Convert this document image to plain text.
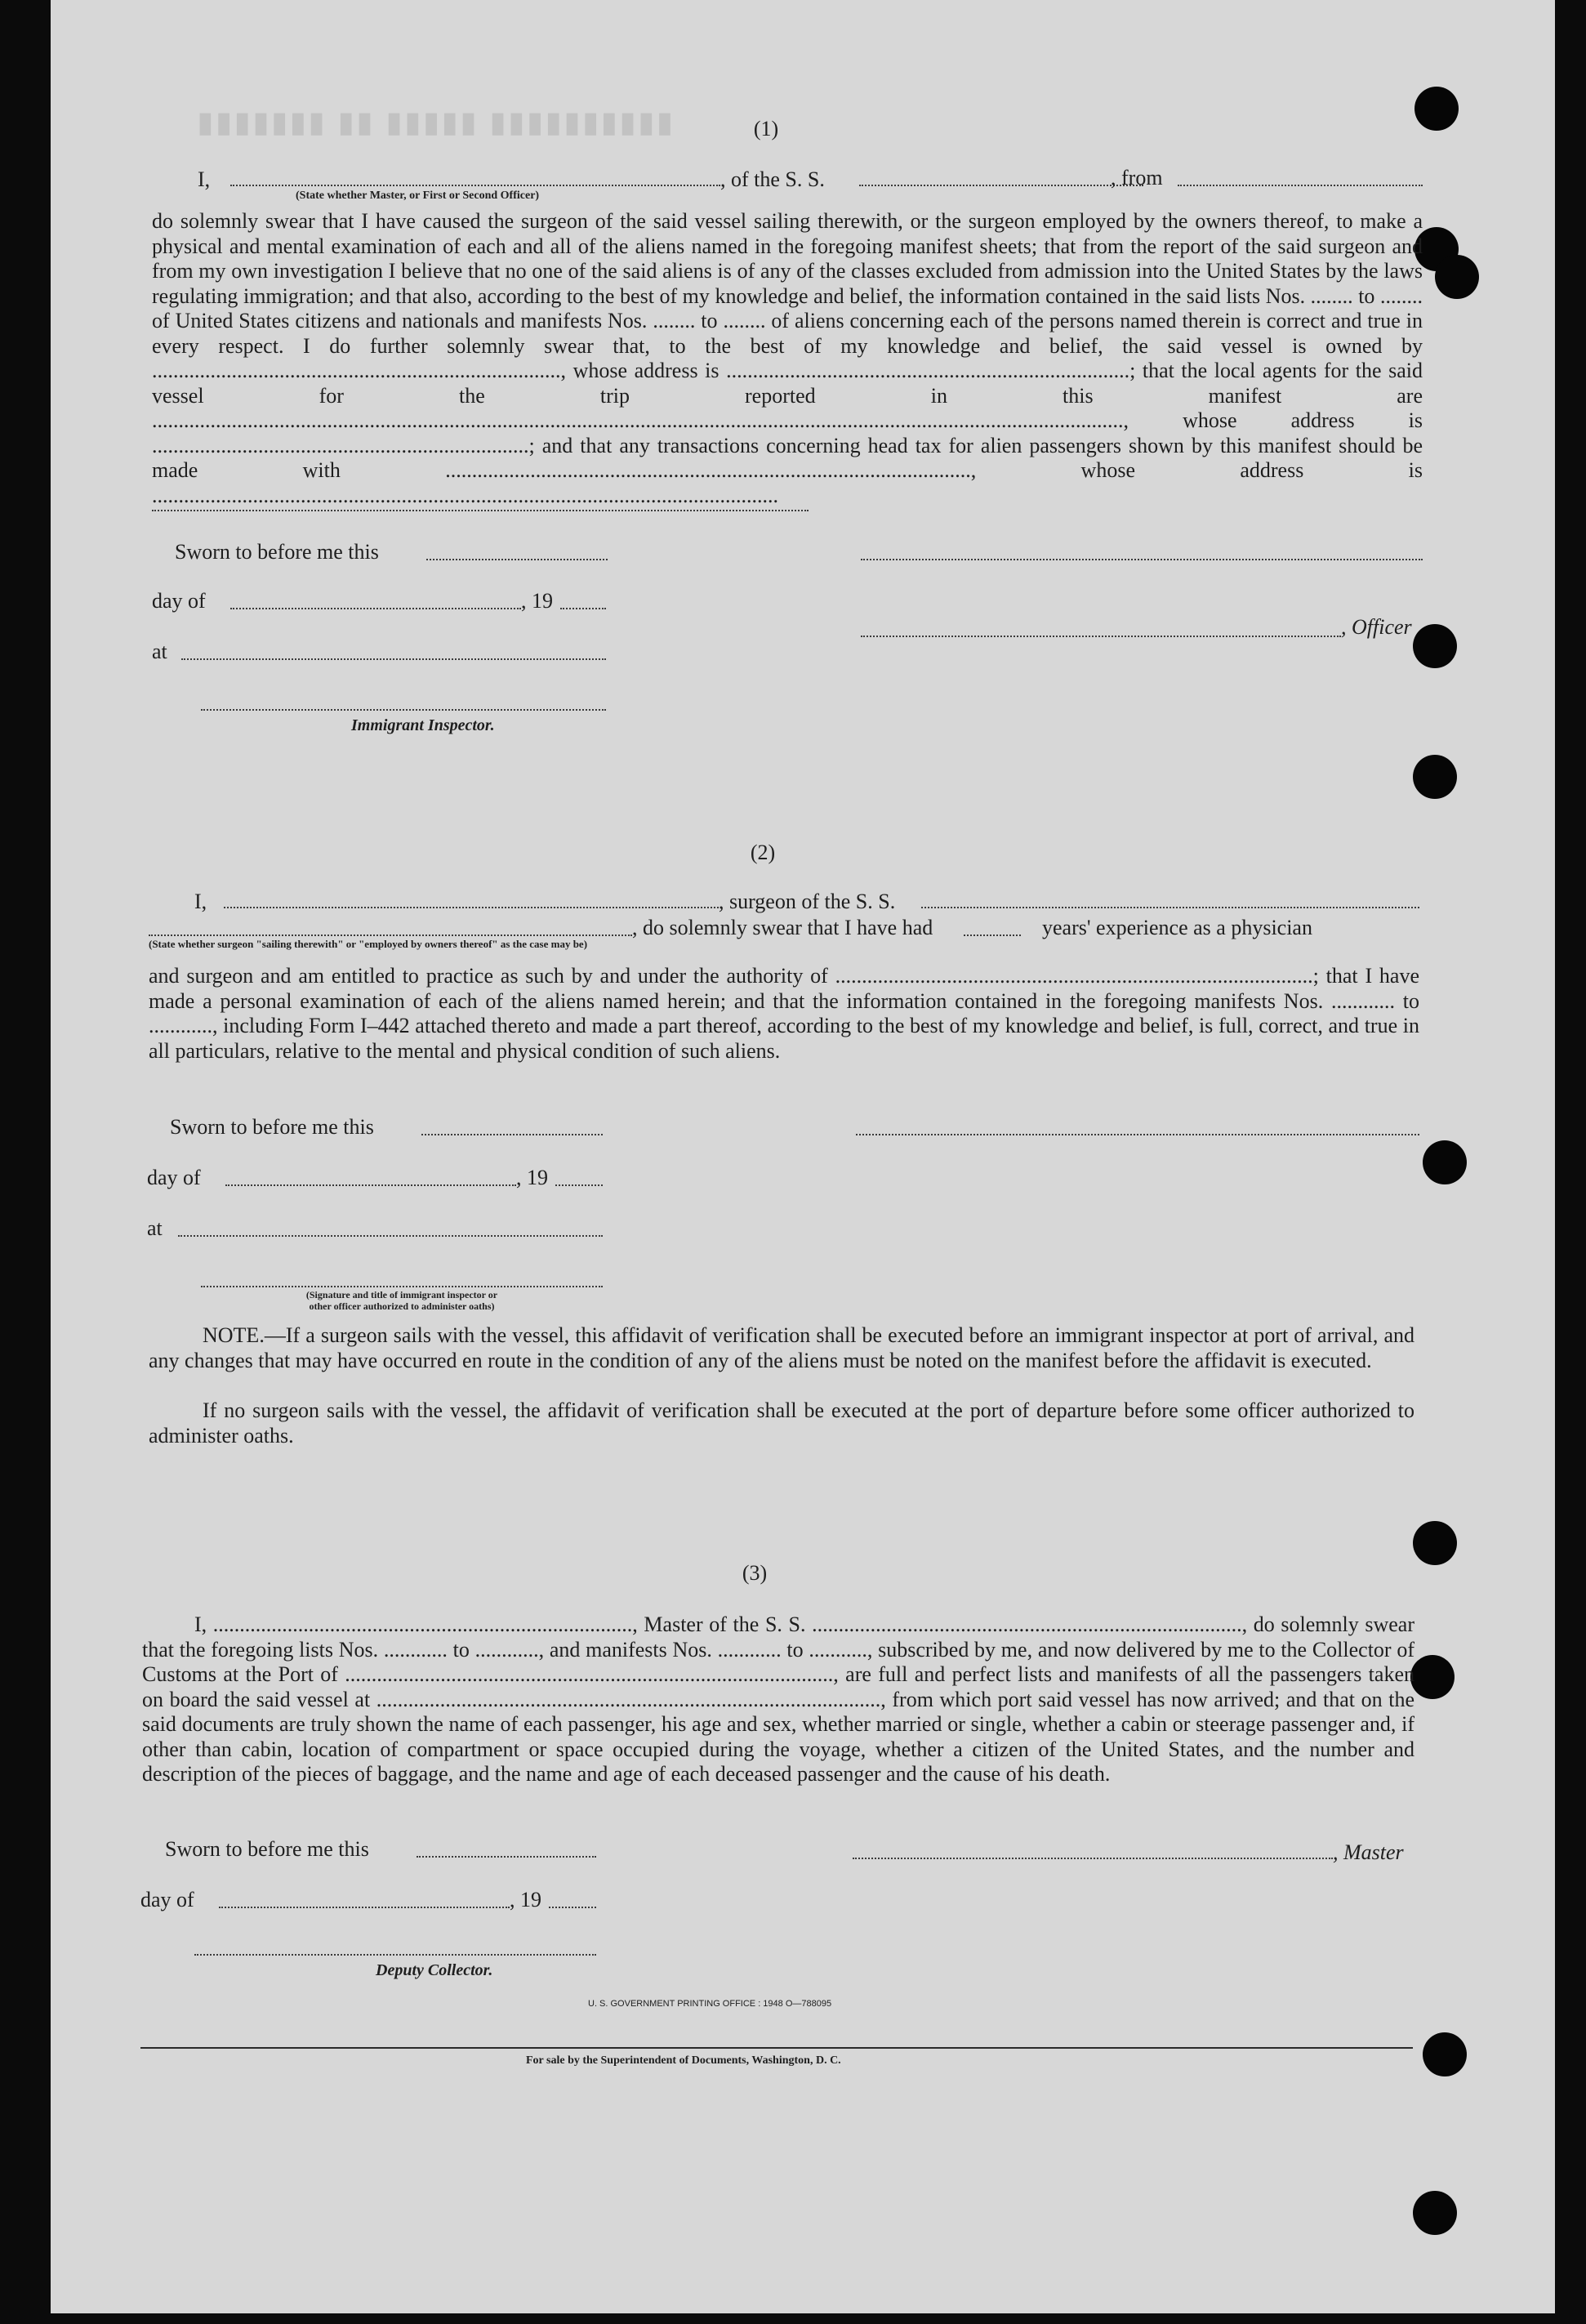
▮▮▮▮▮▮▮ ▮▮ ▮▮▮▮▮ ▮▮▮▮▮▮▮▮▮▮	(1)
I,	, of the S. S.	, from
(State whether Master, or First or Second Officer)
do solemnly swear that I have caused the surgeon of the said vessel sailing therewith, or the surgeon employed by the owners thereof, to make a physical and mental examination of each and all of the aliens named in the foregoing manifest sheets; that from the report of the said surgeon and from my own investigation I believe that no one of the said aliens is of any of the classes excluded from admission into the United States by the laws regulating immigration; and that also, according to the best of my knowledge and belief, the information contained in the said lists Nos. ........ to ........ of United States citizens and nationals and manifests Nos. ........ to ........ of aliens concerning each of the persons named therein is correct and true in every respect. I do further solemnly swear that, to the best of my knowledge and belief, the said vessel is owned by ............................................................................., whose address is ............................................................................; that the local agents for the said vessel for the trip reported in this manifest are ......................................................................................................................................................................................., whose address is .......................................................................; and that any transactions concerning head tax for alien passengers shown by this manifest should be made with ..................................................................................................., whose address is ......................................................................................................................
Sworn to before me this
day of	, 19
, Officer
at
Immigrant Inspector.
(2)
I,	, surgeon of the S. S.
, do solemnly swear that I have had	years' experience as a physician
(State whether surgeon "sailing therewith" or "employed by owners thereof" as the case may be)
and surgeon and am entitled to practice as such by and under the authority of ..........................................................................................; that I have made a personal examination of each of the aliens named herein; and that the information contained in the foregoing manifests Nos. ............ to ............, including Form I–442 attached thereto and made a part thereof, according to the best of my knowledge and belief, is full, correct, and true in all particulars, relative to the mental and physical condition of such aliens.
Sworn to before me this
day of	, 19
at
(Signature and title of immigrant inspector or
other officer authorized to administer oaths)
NOTE.—If a surgeon sails with the vessel, this affidavit of verification shall be executed before an immigrant inspector at port of arrival, and any changes that may have occurred en route in the condition of any of the aliens must be noted on the manifest before the affidavit is executed.
If no surgeon sails with the vessel, the affidavit of verification shall be executed at the port of departure before some officer authorized to administer oaths.
(3)
I, ..............................................................................., Master of the S. S. ................................................................................., do solemnly swear that the foregoing lists Nos. ............ to ............, and manifests Nos. ............ to ..........., subscribed by me, and now delivered by me to the Collector of Customs at the Port of ............................................................................................, are full and perfect lists and manifests of all the passengers taken on board the said vessel at ..............................................................................................., from which port said vessel has now arrived; and that on the said documents are truly shown the name of each passenger, his age and sex, whether married or single, whether a cabin or steerage passenger and, if other than cabin, location of compartment or space occupied during the voyage, whether a citizen of the United States, and the number and description of the pieces of baggage, and the name and age of each deceased passenger and the cause of his death.
Sworn to before me this	, Master
day of	, 19
Deputy Collector.
U. S. GOVERNMENT PRINTING OFFICE : 1948 O—788095
For sale by the Superintendent of Documents, Washington, D. C.
